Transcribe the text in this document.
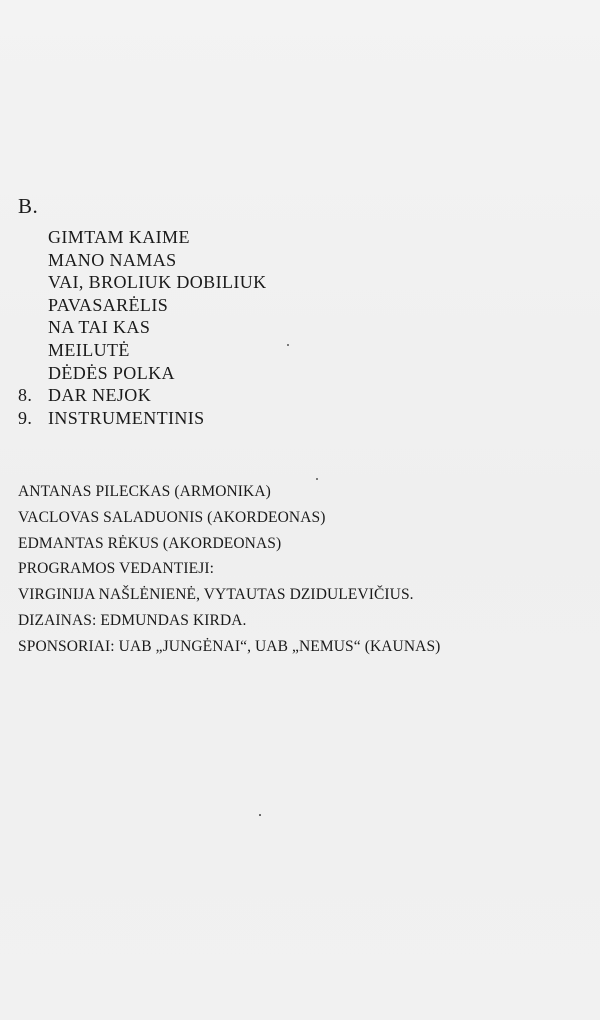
B.
GIMTAM KAIME
MANO NAMAS
VAI, BROLIUK DOBILIUK
PAVASARĖLIS
NA TAI KAS
MEILUTĖ
DĖDĖS POLKA
8. DAR NEJOK
9. INSTRUMENTINIS
ANTANAS PILECKAS (ARMONIKA)
VACLOVAS SALADUONIS (AKORDEONAS)
EDMANTAS RĖKUS (AKORDEONAS)
PROGRAMOS VEDANTIEJI:
VIRGINIJA NAŠLĖNIENĖ, VYTAUTAS DZIDULEVIČIUS.
DIZAINAS: EDMUNDAS KIRDA.
SPONSORIAI: UAB „JUNGĖNAI“, UAB „NEMUS“ (KAUNAS)
